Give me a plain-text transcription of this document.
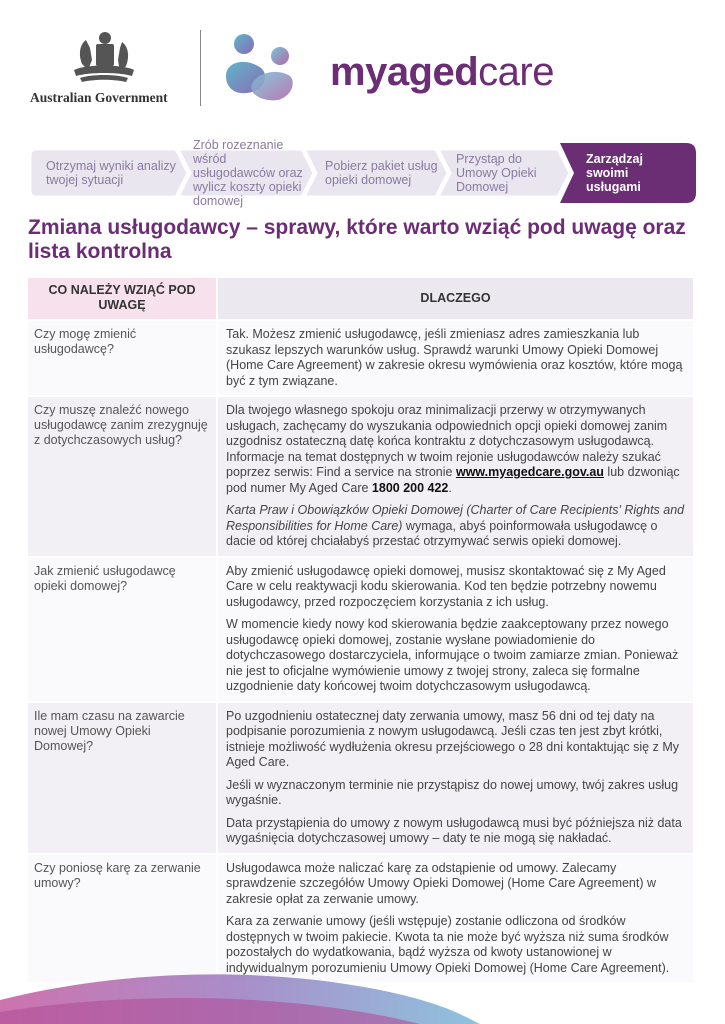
Australian Government
myagedcare
Otrzymaj wyniki analizy twojej sytuacji
Zrób rozeznanie wśród usługodawców oraz wylicz koszty opieki domowej
Pobierz pakiet usług opieki domowej
Przystąp do Umowy Opieki Domowej
Zarządzaj swoimi usługami
Zmiana usługodawcy – sprawy, które warto wziąć pod uwagę oraz lista kontrolna
CO NALEŻY WZIĄĆ POD UWAGĘ
DLACZEGO
Czy mogę zmienić usługodawcę?

Tak. Możesz zmienić usługodawcę, jeśli zmieniasz adres zamieszkania lub szukasz lepszych warunków usług. Sprawdź warunki Umowy Opieki Domowej (Home Care Agreement) w zakresie okresu wymówienia oraz kosztów, które mogą być z tym związane.

Czy muszę znaleźć nowego usługodawcę zanim zrezygnuję z dotychczasowych usług?

Dla twojego własnego spokoju oraz minimalizacji przerwy w otrzymywanych usługach, zachęcamy do wyszukania odpowiednich opcji opieki domowej zanim uzgodnisz ostateczną datę końca kontraktu z dotychczasowym usługodawcą. Informacje na temat dostępnych w twoim rejonie usługodawców należy szukać poprzez serwis: Find a service na stronie www.myagedcare.gov.au lub dzwoniąc pod numer My Aged Care 1800 200 422.

Karta Praw i Obowiązków Opieki Domowej (Charter of Care Recipients' Rights and Responsibilities for Home Care) wymaga, abyś poinformowała usługodawcę o dacie od której chciałabyś przestać otrzymywać serwis opieki domowej.

Jak zmienić usługodawcę opieki domowej?

Aby zmienić usługodawcę opieki domowej, musisz skontaktować się z My Aged Care w celu reaktywacji kodu skierowania. Kod ten będzie potrzebny nowemu usługodawcy, przed rozpoczęciem korzystania z ich usług.

W momencie kiedy nowy kod skierowania będzie zaakceptowany przez nowego usługodawcę opieki domowej, zostanie wysłane powiadomienie do dotychczasowego dostarczyciela, informujące o twoim zamiarze zmian. Ponieważ nie jest to oficjalne wymówienie umowy z twojej strony, zaleca się formalne uzgodnienie daty końcowej twoim dotychczasowym usługodawcą.

Ile mam czasu na zawarcie nowej Umowy Opieki Domowej?

Po uzgodnieniu ostatecznej daty zerwania umowy, masz 56 dni od tej daty na podpisanie porozumienia z nowym usługodawcą. Jeśli czas ten jest zbyt krótki, istnieje możliwość wydłużenia okresu przejściowego o 28 dni kontaktując się z My Aged Care.

Jeśli w wyznaczonym terminie nie przystąpisz do nowej umowy, twój zakres usług wygaśnie.

Data przystąpienia do umowy z nowym usługodawcą musi być późniejsza niż data wygaśnięcia dotychczasowej umowy – daty te nie mogą się nakładać.

Czy poniosę karę za zerwanie umowy?

Usługodawca może naliczać karę za odstąpienie od umowy. Zalecamy sprawdzenie szczegółów Umowy Opieki Domowej (Home Care Agreement) w zakresie opłat za zerwanie umowy.

Kara za zerwanie umowy (jeśli wstępuje) zostanie odliczona od środków dostępnych w twoim pakiecie. Kwota ta nie może być wyższa niż suma środków pozostałych do wydatkowania, bądź wyższa od kwoty ustanowionej w indywidualnym porozumieniu Umowy Opieki Domowej (Home Care Agreement).
